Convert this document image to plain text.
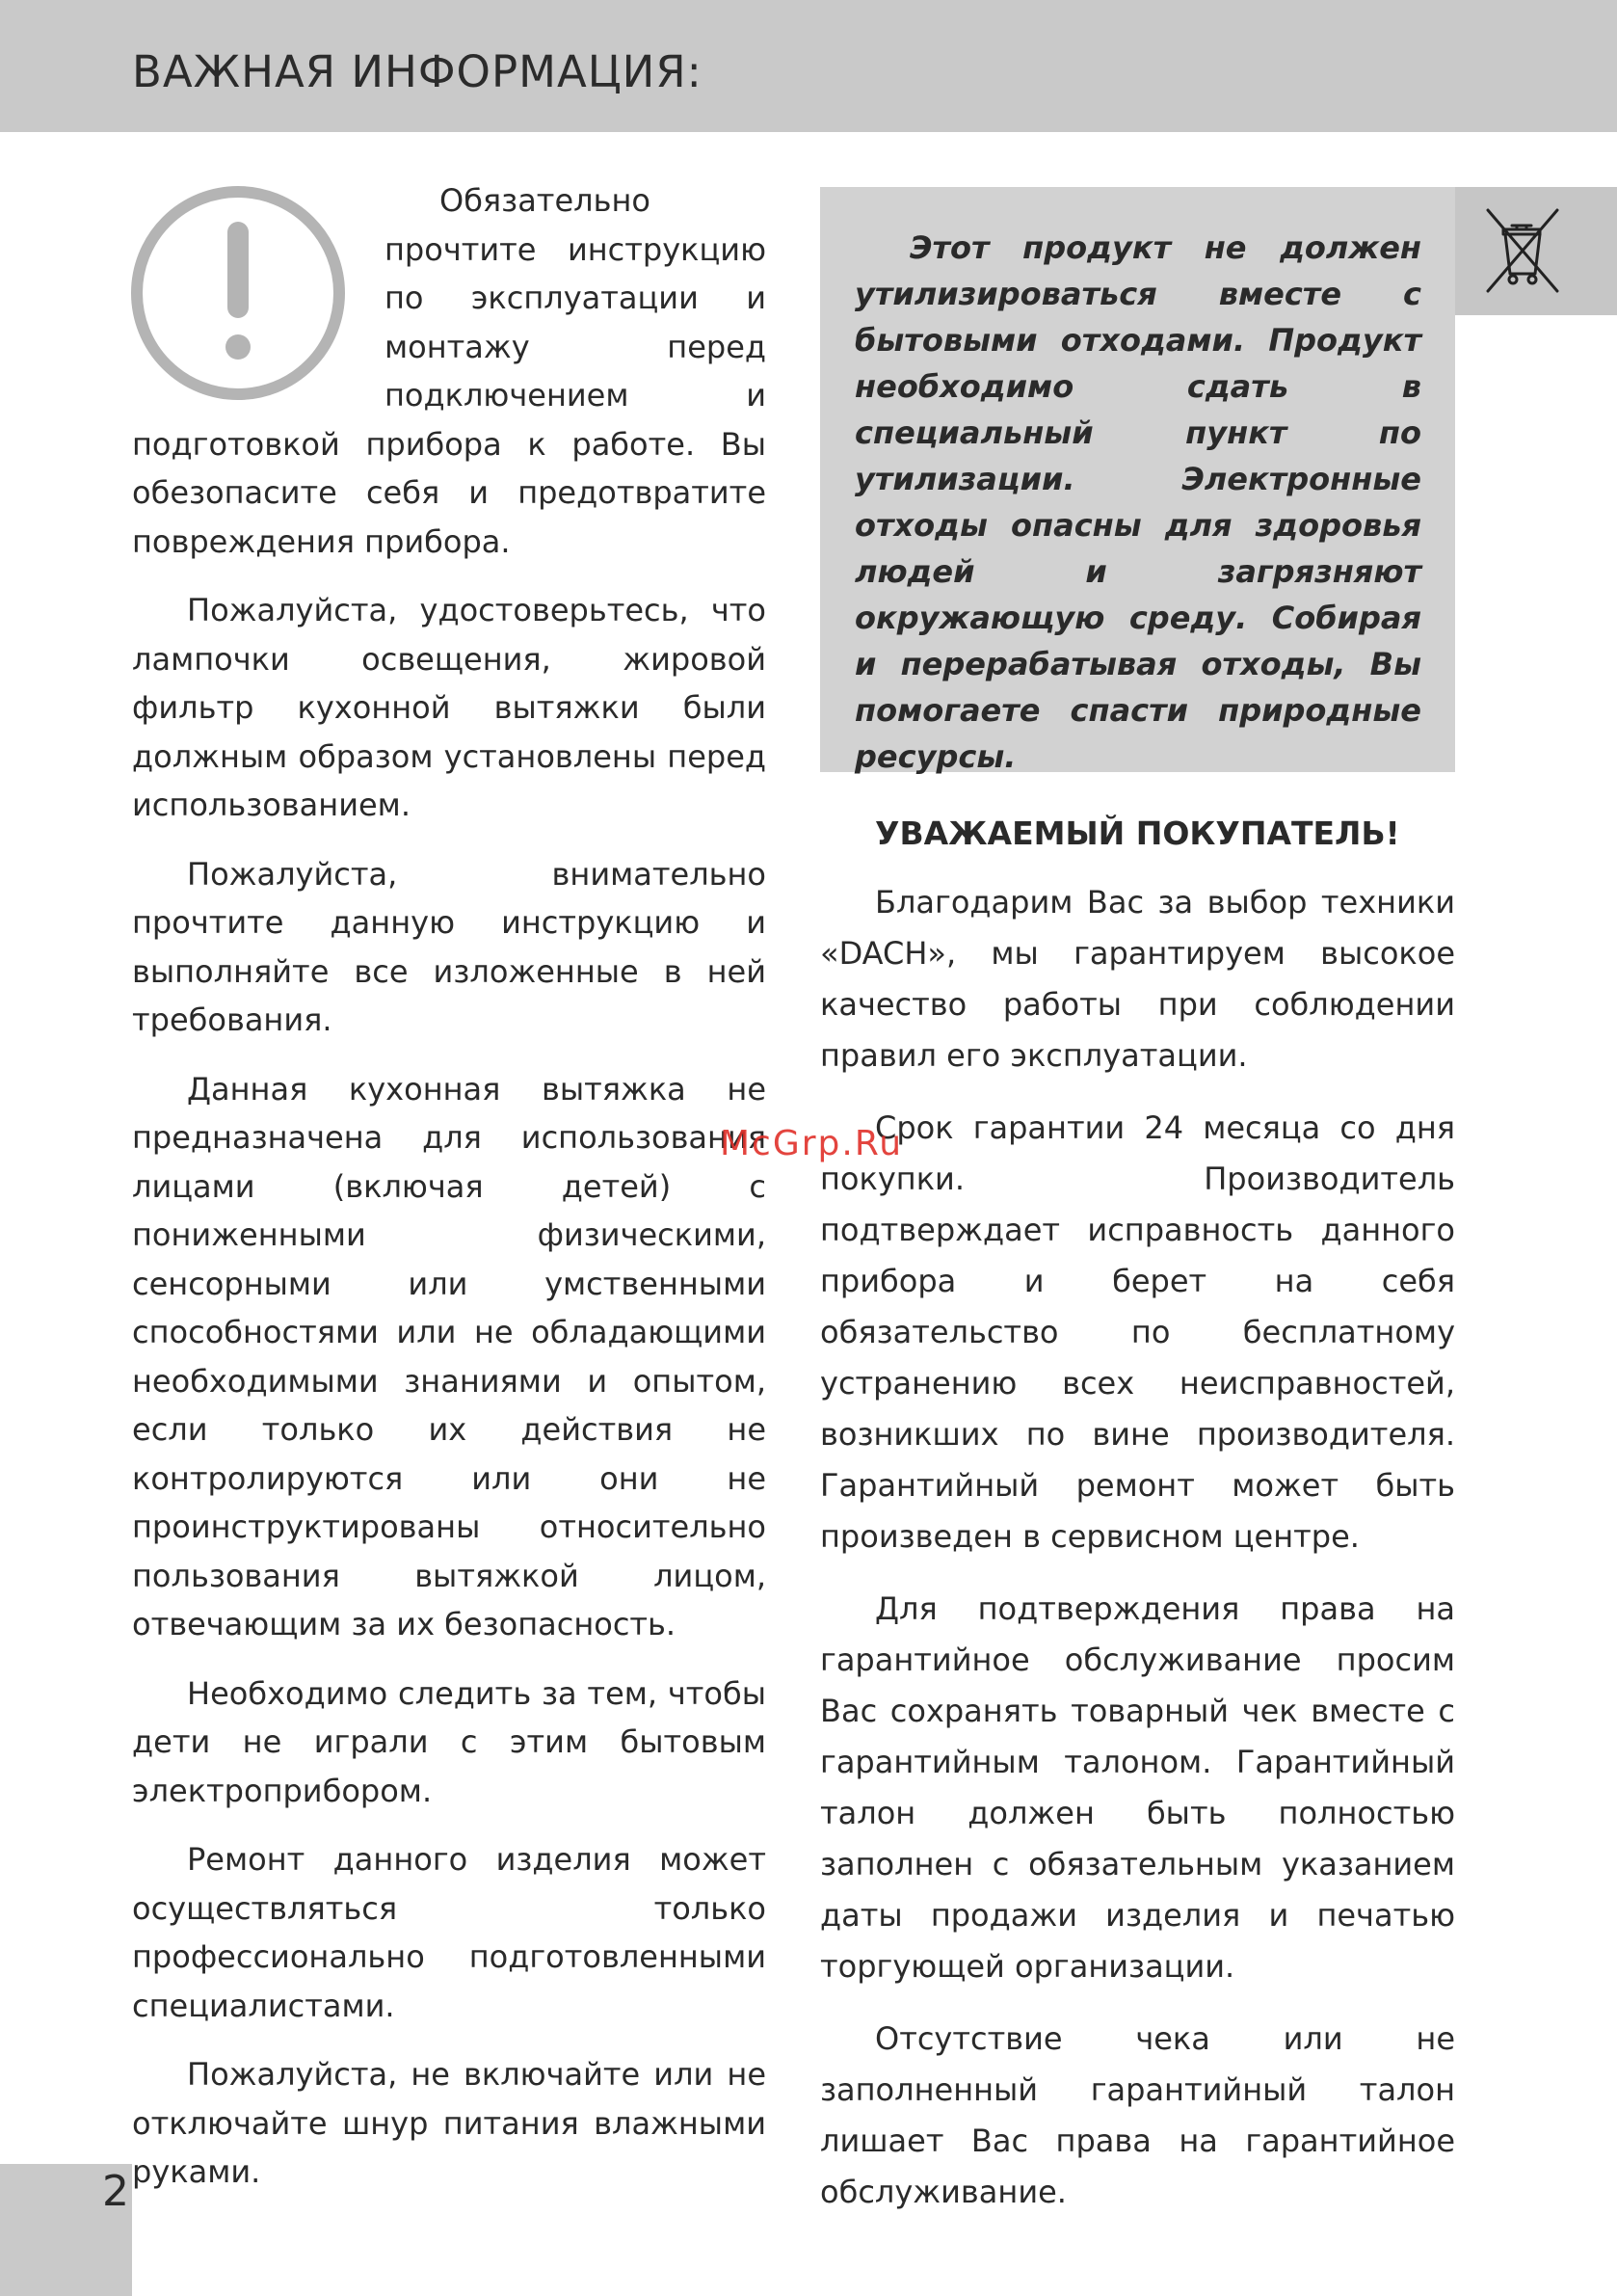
ВАЖНАЯ ИНФОРМАЦИЯ:

Обязательно прочтите инструкцию по эксплуатации и монтажу перед подключением и подготовкой прибора к работе. Вы обезопасите себя и предотвратите повреждения прибора.

Пожалуйста, удостоверьтесь, что лампочки освещения, жировой фильтр кухонной вытяжки были должным образом установлены перед использованием.

Пожалуйста, внимательно прочтите данную инструкцию и выполняйте все изложенные в ней требования.

Данная кухонная вытяжка не предназначена для использования лицами (включая детей) с пониженными физическими, сенсорными или умственными способностями или не обладающими необходимыми знаниями и опытом, если только их действия не контролируются или они не проинструктированы относительно пользования вытяжкой лицом, отвечающим за их безопасность.

Необходимо следить за тем, чтобы дети не играли с этим бытовым электроприбором.

Ремонт данного изделия может осуществляться только профессионально подготовленными специалистами.

Пожалуйста, не включайте или не отключайте шнур питания влажными руками.

Этот продукт не должен утилизироваться вместе с бытовыми отходами. Продукт необходимо сдать в специальный пункт по утилизации. Электронные отходы опасны для здоровья людей и загрязняют окружающую среду. Собирая и перерабатывая отходы, Вы помогаете спасти природные ресурсы.

УВАЖАЕМЫЙ ПОКУПАТЕЛЬ!

Благодарим Вас за выбор техники «DACH», мы гарантируем высокое качество работы при соблюдении правил его эксплуатации.

Срок гарантии 24 месяца со дня покупки. Производитель подтверждает исправность данного прибора и берет на себя обязательство по бесплатному устранению всех неисправностей, возникших по вине производителя. Гарантийный ремонт может быть произведен в сервисном центре.

Для подтверждения права на гарантийное обслуживание просим Вас сохранять товарный чек вместе с гарантийным талоном. Гарантийный талон должен быть полностью заполнен с обязательным указанием даты продажи изделия и печатью торгующей организации.

Отсутствие чека или не заполненный гарантийный талон лишает Вас права на гарантийное обслуживание.

McGrp.Ru
2
